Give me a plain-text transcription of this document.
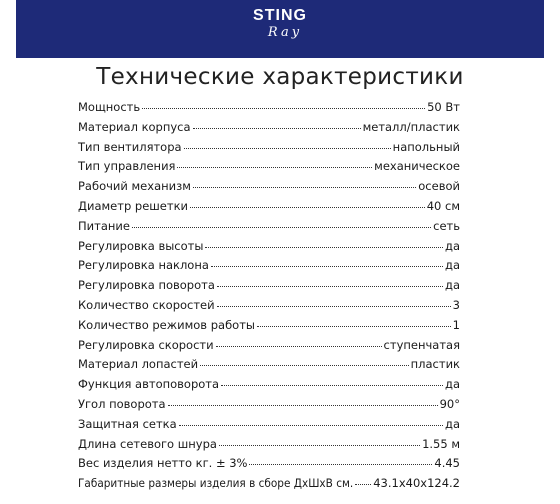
STING
Ray
Технические характеристики
Мощность	50 Вт
Материал корпуса	металл/пластик
Тип вентилятора	напольный
Тип управления	механическое
Рабочий механизм	осевой
Диаметр решетки	40 см
Питание	сеть
Регулировка высоты	да
Регулировка наклона	да
Регулировка поворота	да
Количество скоростей	3
Количество режимов работы	1
Регулировка скорости	ступенчатая
Материал лопастей	пластик
Функция автоповорота	да
Угол поворота	90°
Защитная сетка	да
Длина сетевого шнура	1.55 м
Вес изделия нетто кг. ± 3%	4.45
Габаритные размеры изделия в сборе ДхШхВ см. 43.1x40x124.2
